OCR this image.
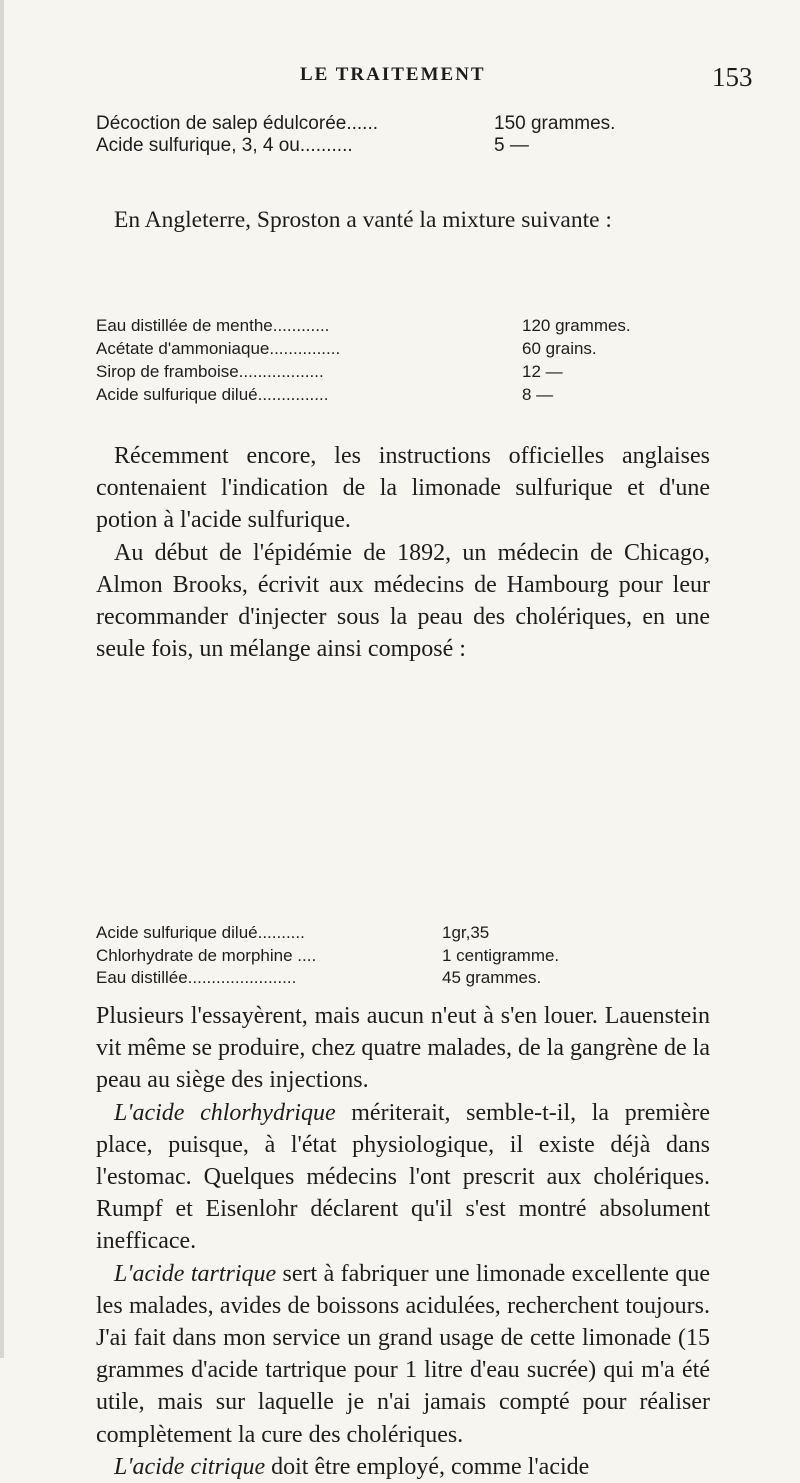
LE TRAITEMENT	153
Décoction de salep édulcorée......	150 grammes.
Acide sulfurique, 3, 4 ou..........	5 —

En Angleterre, Sproston a vanté la mixture suivante :

Eau distillée de menthe............	120 grammes.
Acétate d'ammoniaque...............	60 grains.
Sirop de framboise..................	12 —
Acide sulfurique dilué...............	8 —
Récemment encore, les instructions officielles anglaises contenaient l'indication de la limonade sulfurique et d'une potion à l'acide sulfurique.
Au début de l'épidémie de 1892, un médecin de Chicago, Almon Brooks, écrivit aux médecins de Hambourg pour leur recommander d'injecter sous la peau des cholériques, en une seule fois, un mélange ainsi composé :
Acide sulfurique dilué..........	1gr,35
Chlorhydrate de morphine ....	1 centigramme.
Eau distillée.......................	45 grammes.
Plusieurs l'essayèrent, mais aucun n'eut à s'en louer. Lauenstein vit même se produire, chez quatre malades, de la gangrène de la peau au siège des injections.
L'acide chlorhydrique mériterait, semble-t-il, la première place, puisque, à l'état physiologique, il existe déjà dans l'estomac. Quelques médecins l'ont prescrit aux cholériques. Rumpf et Eisenlohr déclarent qu'il s'est montré absolument inefficace.
L'acide tartrique sert à fabriquer une limonade excellente que les malades, avides de boissons acidulées, recherchent toujours. J'ai fait dans mon service un grand usage de cette limonade (15 grammes d'acide tartrique pour 1 litre d'eau sucrée) qui m'a été utile, mais sur laquelle je n'ai jamais compté pour réaliser complètement la cure des cholériques.
L'acide citrique doit être employé, comme l'acide
